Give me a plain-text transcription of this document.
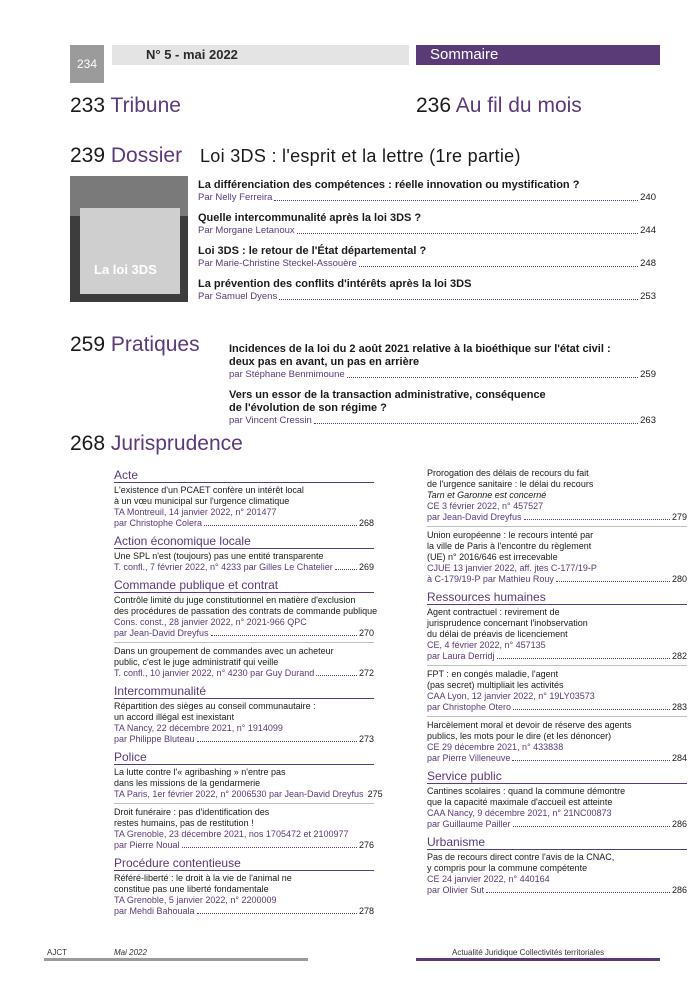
234
N° 5 - mai 2022	Sommaire
233 Tribune	236 Au fil du mois
239 Dossier Loi 3DS : l'esprit et la lettre (1re partie)
La loi 3DS
La différenciation des compétences : réelle innovation ou mystification ?
Par Nelly Ferreira	240
Quelle intercommunalité après la loi 3DS ?
Par Morgane Letanoux	244
Loi 3DS : le retour de l'État départemental ?
Par Marie-Christine Steckel-Assouère	248
La prévention des conflits d'intérêts après la loi 3DS
Par Samuel Dyens	253
259 Pratiques	Incidences de la loi du 2 août 2021 relative à la bioéthique sur l'état civil :
deux pas en avant, un pas en arrière
par Stéphane Benmimoune	259
Vers un essor de la transaction administrative, conséquence
de l'évolution de son régime ?
par Vincent Cressin	263
268 Jurisprudence
Acte
L'existence d'un PCAET confère un intérêt local
à un vœu municipal sur l'urgence climatique
TA Montreuil, 14 janvier 2022, n° 201477
par Christophe Colera	268
Action économique locale
Une SPL n'est (toujours) pas une entité transparente
T. confl., 7 février 2022, n° 4233 par Gilles Le Chatelier	269
Commande publique et contrat
Contrôle limité du juge constitutionnel en matière d'exclusion
des procédures de passation des contrats de commande publique
Cons. const., 28 janvier 2022, n° 2021-966 QPC
par Jean-David Dreyfus	270
Dans un groupement de commandes avec un acheteur
public, c'est le juge administratif qui veille
T. confl., 10 janvier 2022, n° 4230 par Guy Durand	272
Intercommunalité
Répartition des sièges au conseil communautaire :
un accord illégal est inexistant
TA Nancy, 22 décembre 2021, n° 1914099
par Philippe Bluteau	273
Police
La lutte contre l'« agribashing » n'entre pas
dans les missions de la gendarmerie
TA Paris, 1er février 2022, n° 2006530 par Jean-David Dreyfus 275
Droit funéraire : pas d'identification des
restes humains, pas de restitution !
TA Grenoble, 23 décembre 2021, nos 1705472 et 2100977
par Pierre Noual	276
Procédure contentieuse
Référé-liberté : le droit à la vie de l'animal ne
constitue pas une liberté fondamentale
TA Grenoble, 5 janvier 2022, n° 2200009
par Mehdi Bahouala	278
Prorogation des délais de recours du fait
de l'urgence sanitaire : le délai du recours
Tarn et Garonne est concerné
CE 3 février 2022, n° 457527
par Jean-David Dreyfus	279
Union européenne : le recours intenté par
la ville de Paris à l'encontre du règlement
(UE) n° 2016/646 est irrecevable
CJUE 13 janvier 2022, aff. jtes C-177/19-P
à C-179/19-P par Mathieu Rouy	280
Ressources humaines
Agent contractuel : revirement de
jurisprudence concernant l'inobservation
du délai de préavis de licenciement
CE, 4 février 2022, n° 457135
par Laura Derridj	282
FPT : en congés maladie, l'agent
(pas secret) multipliait les activités
CAA Lyon, 12 janvier 2022, n° 19LY03573
par Christophe Otero	283
Harcèlement moral et devoir de réserve des agents
publics, les mots pour le dire (et les dénoncer)
CE 29 décembre 2021, n° 433838
par Pierre Villeneuve	284
Service public
Cantines scolaires : quand la commune démontre
que la capacité maximale d'accueil est atteinte
CAA Nancy, 9 décembre 2021, n° 21NC00873
par Guillaume Pailler	286
Urbanisme
Pas de recours direct contre l'avis de la CNAC,
y compris pour la commune compétente
CE 24 janvier 2022, n° 440164
par Olivier Sut	286
AJCT	Mai 2022	Actualité Juridique Collectivités territoriales
